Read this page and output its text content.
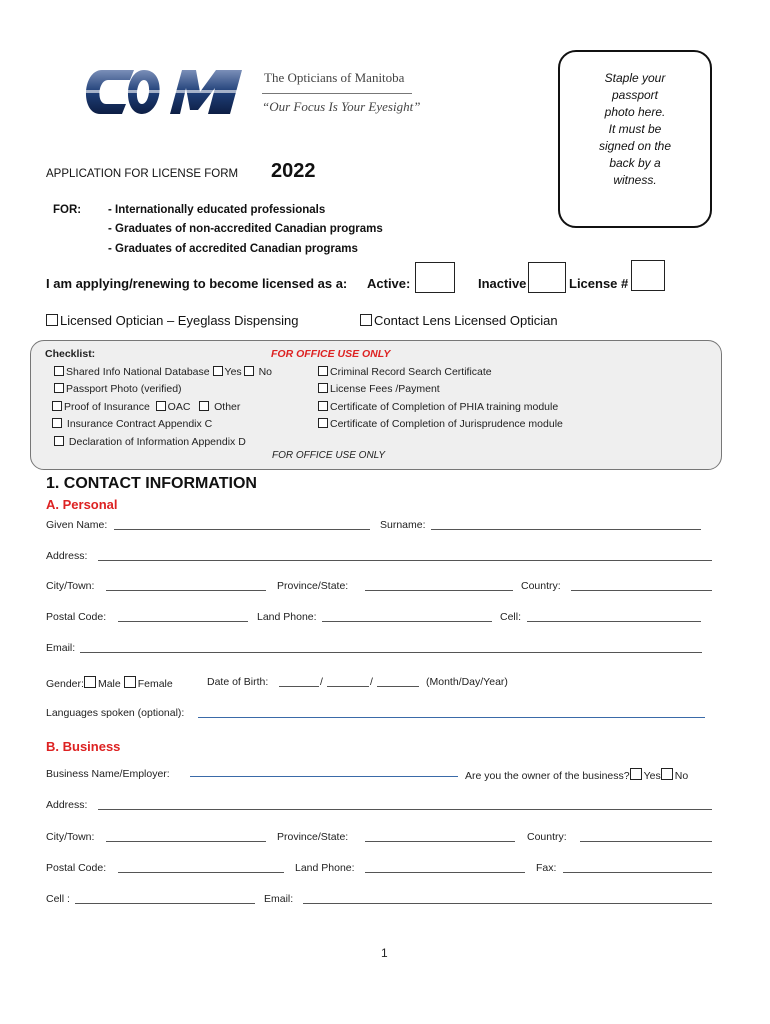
The Opticians of Manitoba
“Our Focus Is Your Eyesight”
Staple your
passport
photo here.
It must be
signed on the
back by a
witness.
APPLICATION FOR LICENSE FORM 2022
FOR: - Internationally educated professionals
- Graduates of non-accredited Canadian programs
- Graduates of accredited Canadian programs
I am applying/renewing to become licensed as a: Active:	Inactive	License #
Licensed Optician – Eyeglass Dispensing	Contact Lens Licensed Optician
Checklist:	FOR OFFICE USE ONLY
Shared Info National Database Yes No
Passport Photo (verified)
Proof of Insurance OAC Other
Insurance Contract Appendix C
Declaration of Information Appendix D
Criminal Record Search Certificate
License Fees /Payment
Certificate of Completion of PHIA training module
Certificate of Completion of Jurisprudence module
FOR OFFICE USE ONLY
1. CONTACT INFORMATION
A. Personal
Given Name:	Surname:
Address:
City/Town:	Province/State:	Country:
Postal Code:	Land Phone:	Cell:
Email:
Gender: Male Female	Date of Birth:	/	/	(Month/Day/Year)
Languages spoken (optional):
B. Business
Business Name/Employer:	Are you the owner of the business? Yes No
Address:
City/Town:	Province/State:	Country:
Postal Code:	Land Phone:	Fax:
Cell :	Email:
1
